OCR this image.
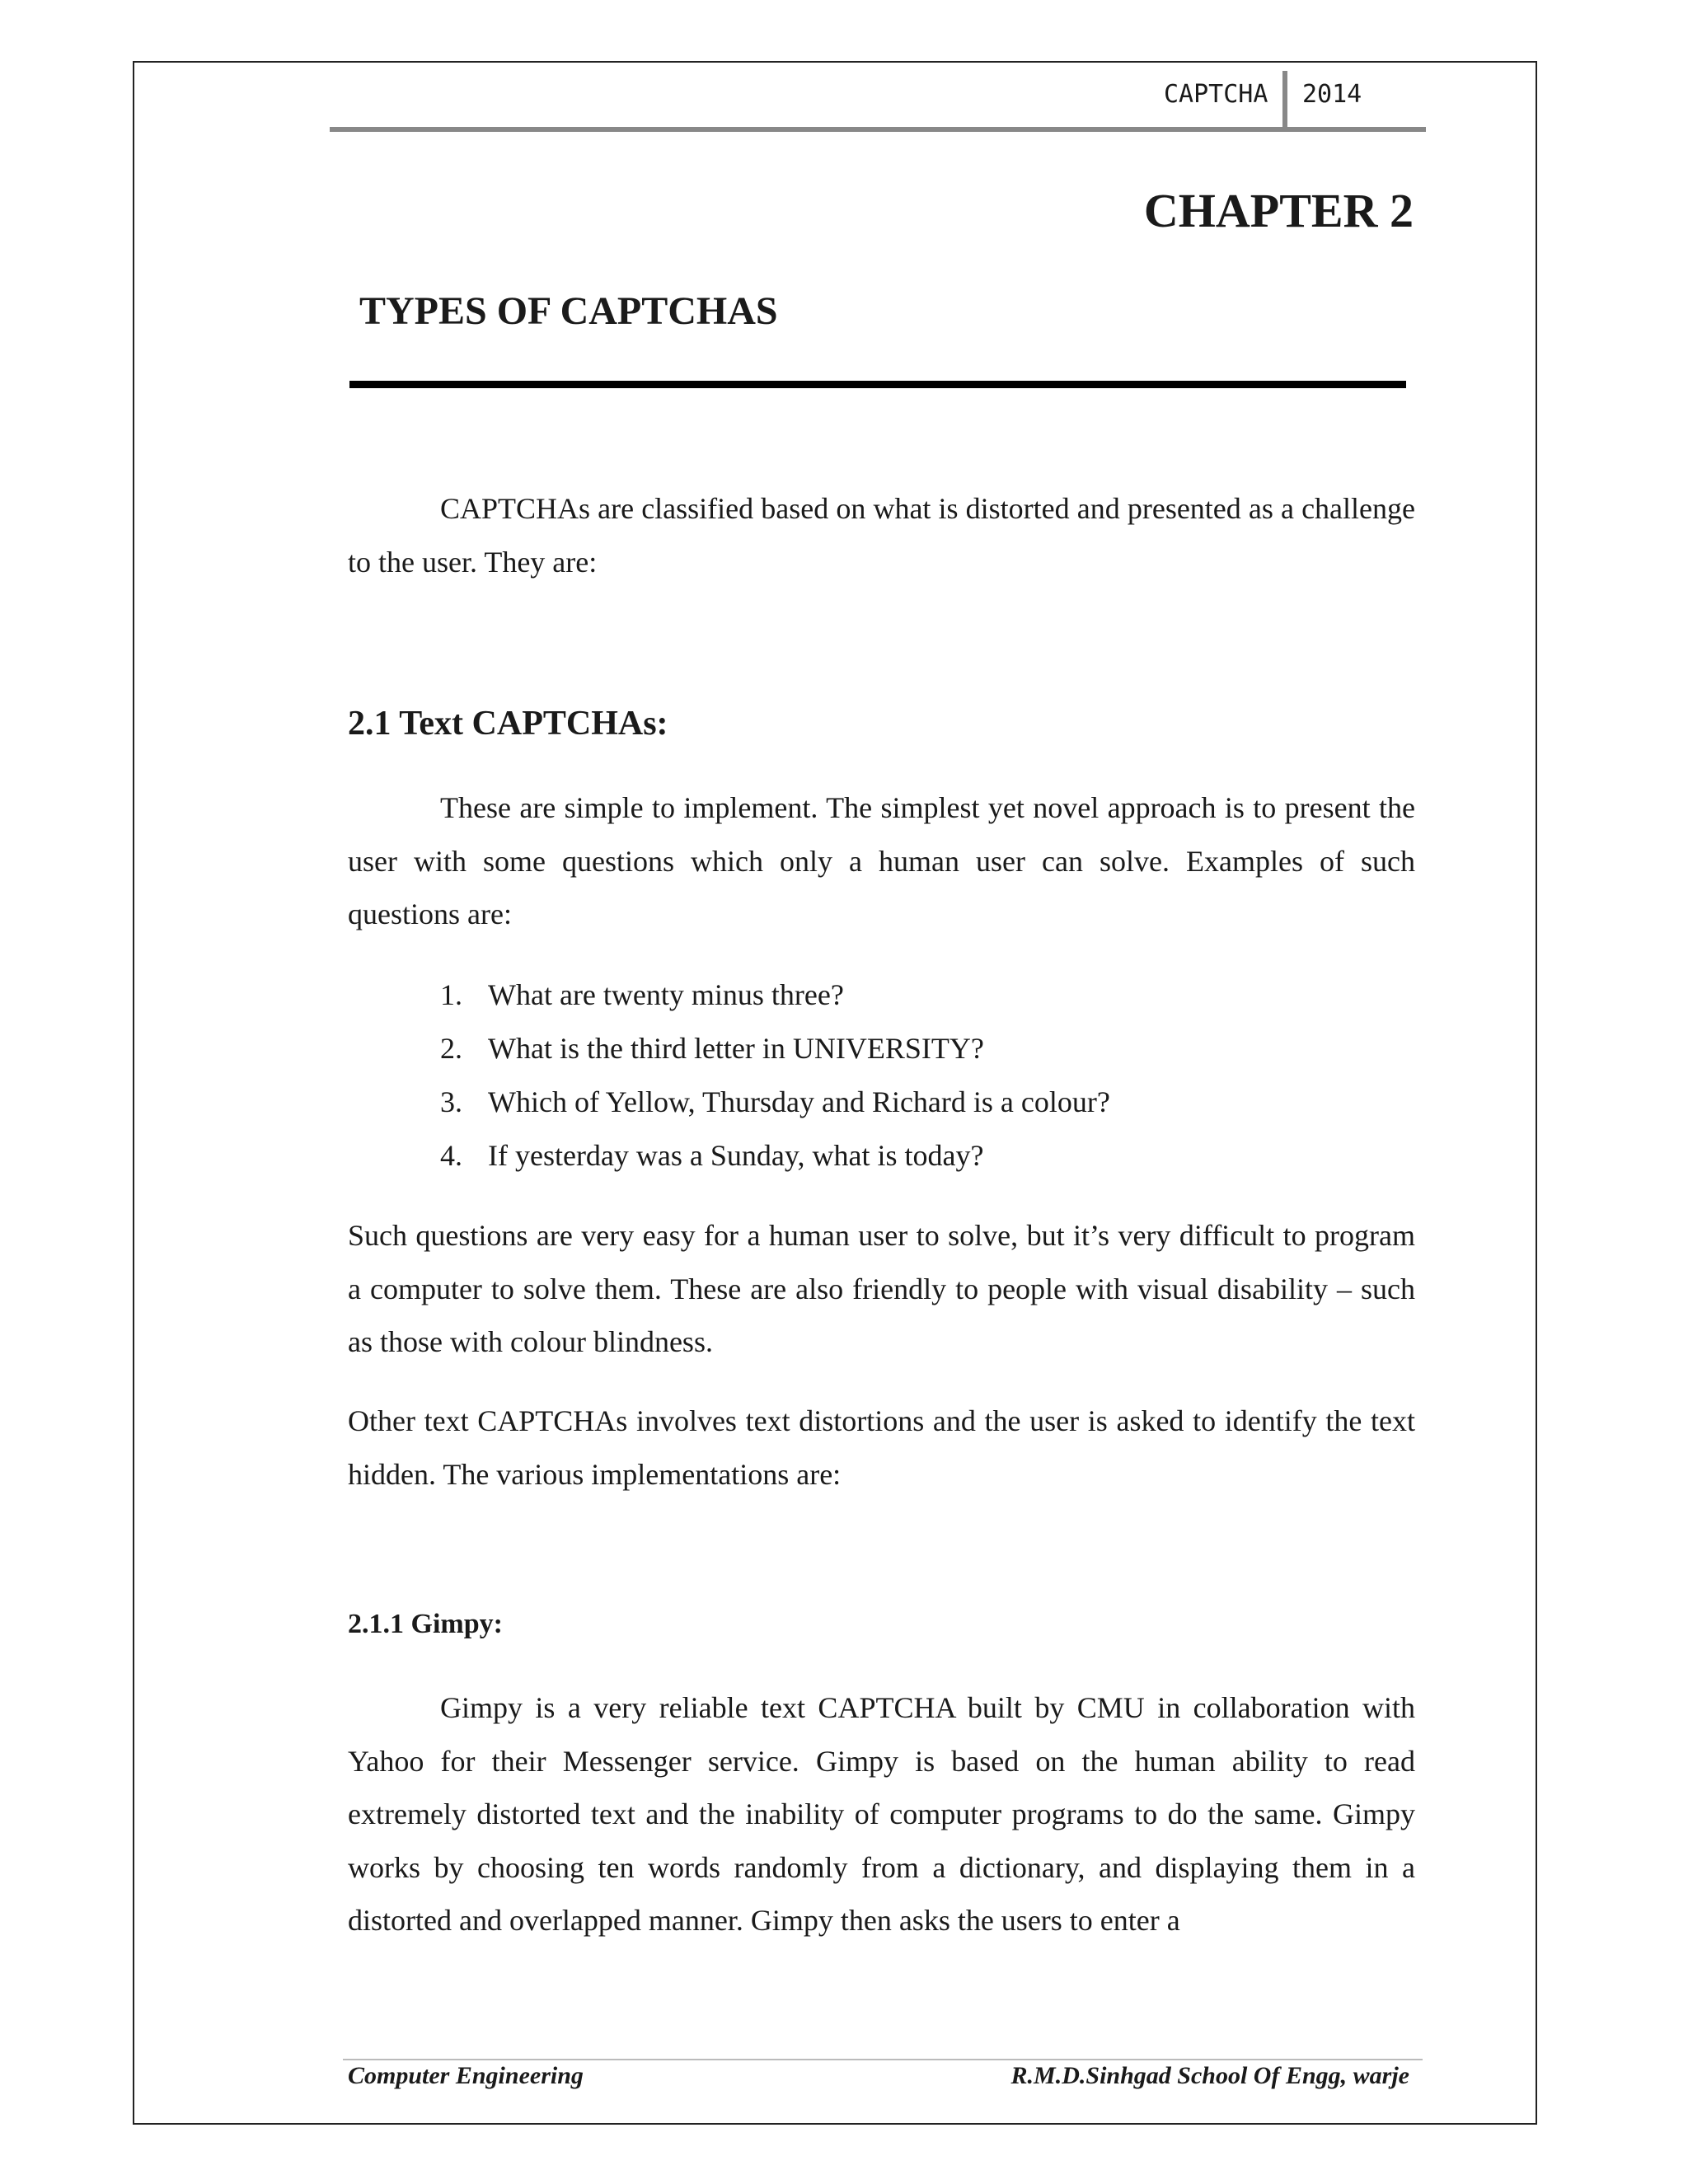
CAPTCHA 2014
CHAPTER 2
TYPES OF CAPTCHAS

CAPTCHAs are classified based on what is distorted and presented as a challenge to the user. They are:

2.1 Text CAPTCHAs:

These are simple to implement. The simplest yet novel approach is to present the user with some questions which only a human user can solve. Examples of such questions are:

1. What are twenty minus three?
2. What is the third letter in UNIVERSITY?
3. Which of Yellow, Thursday and Richard is a colour?
4. If yesterday was a Sunday, what is today?

Such questions are very easy for a human user to solve, but it’s very difficult to program a computer to solve them. These are also friendly to people with visual disability – such as those with colour blindness.

Other text CAPTCHAs involves text distortions and the user is asked to identify the text hidden. The various implementations are:

2.1.1 Gimpy:

Gimpy is a very reliable text CAPTCHA built by CMU in collaboration with Yahoo for their Messenger service. Gimpy is based on the human ability to read extremely distorted text and the inability of computer programs to do the same. Gimpy works by choosing ten words randomly from a dictionary, and displaying them in a distorted and overlapped manner. Gimpy then asks the users to enter a

Computer Engineering	R.M.D.Sinhgad School Of Engg, warje
